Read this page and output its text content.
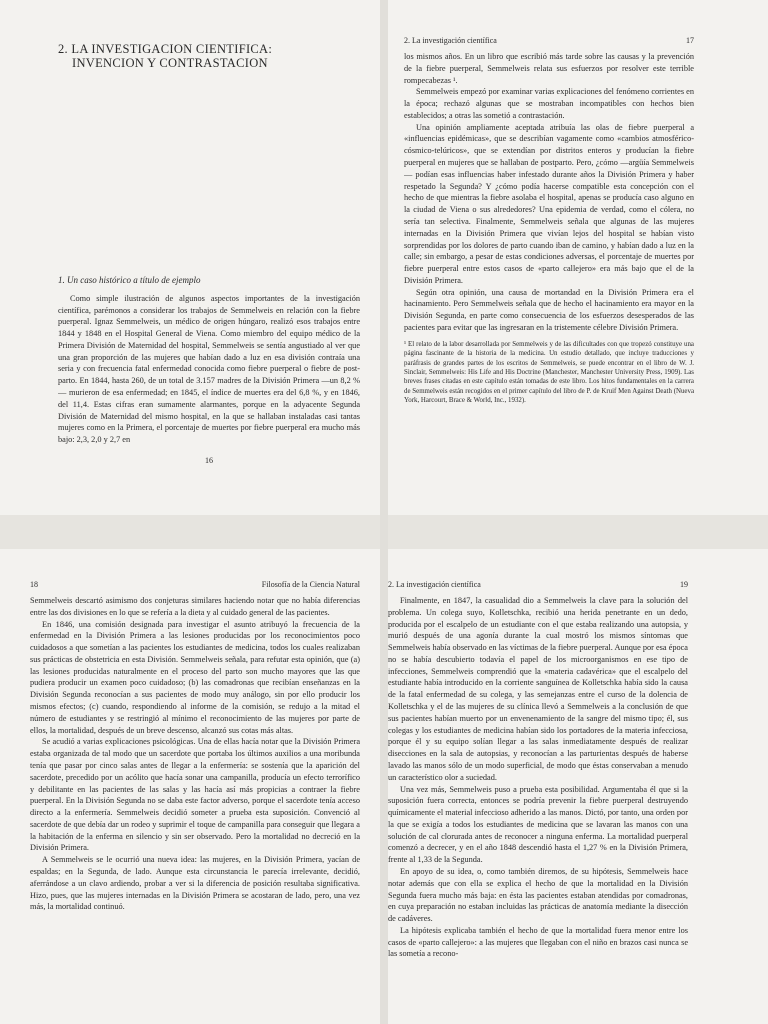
2. LA INVESTIGACION CIENTIFICA:
INVENCION Y CONTRASTACION
1. Un caso histórico a título de ejemplo

Como simple ilustración de algunos aspectos importantes de la investigación científica, parémonos a considerar los trabajos de Semmelweis en relación con la fiebre puerperal. Ignaz Semmelweis, un médico de origen húngaro, realizó esos trabajos entre 1844 y 1848 en el Hospital General de Viena. Como miembro del equipo médico de la Primera División de Maternidad del hospital, Semmelweis se sentía angustiado al ver que una gran proporción de las mujeres que habían dado a luz en esa división contraía una seria y con frecuencia fatal enfermedad conocida como fiebre puerperal o fiebre de post-parto. En 1844, hasta 260, de un total de 3.157 madres de la División Primera —un 8,2 %— murieron de esa enfermedad; en 1845, el índice de muertes era del 6,8 %, y en 1846, del 11,4. Estas cifras eran sumamente alarmantes, porque en la adyacente Segunda División de Maternidad del mismo hospital, en la que se hallaban instaladas casi tantas mujeres como en la Primera, el porcentaje de muertes por fiebre puerperal era mucho más bajo: 2,3, 2,0 y 2,7 en

16
2. La investigación científica	17

los mismos años. En un libro que escribió más tarde sobre las causas y la prevención de la fiebre puerperal, Semmelweis relata sus esfuerzos por resolver este terrible rompecabezas ¹.

Semmelweis empezó por examinar varias explicaciones del fenómeno corrientes en la época; rechazó algunas que se mostraban incompatibles con hechos bien establecidos; a otras las sometió a contrastación.

Una opinión ampliamente aceptada atribuía las olas de fiebre puerperal a «influencias epidémicas», que se describían vagamente como «cambios atmosférico-cósmico-telúricos», que se extendían por distritos enteros y producían la fiebre puerperal en mujeres que se hallaban de postparto. Pero, ¿cómo —argüía Semmelweis— podían esas influencias haber infestado durante años la División Primera y haber respetado la Segunda? Y ¿cómo podía hacerse compatible esta concepción con el hecho de que mientras la fiebre asolaba el hospital, apenas se producía caso alguno en la ciudad de Viena o sus alrededores? Una epidemia de verdad, como el cólera, no sería tan selectiva. Finalmente, Semmelweis señala que algunas de las mujeres internadas en la División Primera que vivían lejos del hospital se habían visto sorprendidas por los dolores de parto cuando iban de camino, y habían dado a luz en la calle; sin embargo, a pesar de estas condiciones adversas, el porcentaje de muertes por fiebre puerperal entre estos casos de «parto callejero» era más bajo que el de la División Primera.

Según otra opinión, una causa de mortandad en la División Primera era el hacinamiento. Pero Semmelweis señala que de hecho el hacinamiento era mayor en la División Segunda, en parte como consecuencia de los esfuerzos desesperados de las pacientes para evitar que las ingresaran en la tristemente célebre División Primera.

¹ El relato de la labor desarrollada por Semmelweis y de las dificultades con que tropezó constituye una página fascinante de la historia de la medicina. Un estudio detallado, que incluye traducciones y paráfrasis de grandes partes de los escritos de Semmelweis, se puede encontrar en el libro de W. J. Sinclair, Semmelweis: His Life and His Doctrine (Manchester, Manchester University Press, 1909). Las breves frases citadas en este capítulo están tomadas de este libro. Los hitos fundamentales en la carrera de Semmelweis están recogidos en el primer capítulo del libro de P. de Kruif Men Against Death (Nueva York, Harcourt, Brace & World, Inc., 1932).
18	Filosofía de la Ciencia Natural

Semmelweis descartó asimismo dos conjeturas similares haciendo notar que no había diferencias entre las dos divisiones en lo que se refería a la dieta y al cuidado general de las pacientes.

En 1846, una comisión designada para investigar el asunto atribuyó la frecuencia de la enfermedad en la División Primera a las lesiones producidas por los reconocimientos poco cuidadosos a que sometían a las pacientes los estudiantes de medicina, todos los cuales realizaban sus prácticas de obstetricia en esta División. Semmelweis señala, para refutar esta opinión, que (a) las lesiones producidas naturalmente en el proceso del parto son mucho mayores que las que pudiera producir un examen poco cuidadoso; (b) las comadronas que recibían enseñanzas en la División Segunda reconocían a sus pacientes de modo muy análogo, sin por ello producir los mismos efectos; (c) cuando, respondiendo al informe de la comisión, se redujo a la mitad el número de estudiantes y se restringió al mínimo el reconocimiento de las mujeres por parte de ellos, la mortalidad, después de un breve descenso, alcanzó sus cotas más altas.

Se acudió a varias explicaciones psicológicas. Una de ellas hacía notar que la División Primera estaba organizada de tal modo que un sacerdote que portaba los últimos auxilios a una moribunda tenía que pasar por cinco salas antes de llegar a la enfermería: se sostenía que la aparición del sacerdote, precedido por un acólito que hacía sonar una campanilla, producía un efecto terrorífico y debilitante en las pacientes de las salas y las hacía así más propicias a contraer la fiebre puerperal. En la División Segunda no se daba este factor adverso, porque el sacerdote tenía acceso directo a la enfermería. Semmelweis decidió someter a prueba esta suposición. Convenció al sacerdote de que debía dar un rodeo y suprimir el toque de campanilla para conseguir que llegara a la habitación de la enferma en silencio y sin ser observado. Pero la mortalidad no decreció en la División Primera.

A Semmelweis se le ocurrió una nueva idea: las mujeres, en la División Primera, yacían de espaldas; en la Segunda, de lado. Aunque esta circunstancia le parecía irrelevante, decidió, aferrándose a un clavo ardiendo, probar a ver si la diferencia de posición resultaba significativa. Hizo, pues, que las mujeres internadas en la División Primera se acostaran de lado, pero, una vez más, la mortalidad continuó.

2. La investigación científica	19

Finalmente, en 1847, la casualidad dio a Semmelweis la clave para la solución del problema. Un colega suyo, Kolletschka, recibió una herida penetrante en un dedo, producida por el escalpelo de un estudiante con el que estaba realizando una autopsia, y murió después de una agonía durante la cual mostró los mismos síntomas que Semmelweis había observado en las víctimas de la fiebre puerperal. Aunque por esa época no se había descubierto todavía el papel de los microorganismos en ese tipo de infecciones, Semmelweis comprendió que la «materia cadavérica» que el escalpelo del estudiante había introducido en la corriente sanguínea de Kolletschka había sido la causa de la fatal enfermedad de su colega, y las semejanzas entre el curso de la dolencia de Kolletschka y el de las mujeres de su clínica llevó a Semmelweis a la conclusión de que sus pacientes habían muerto por un envenenamiento de la sangre del mismo tipo; él, sus colegas y los estudiantes de medicina habían sido los portadores de la materia infecciosa, porque él y su equipo solían llegar a las salas inmediatamente después de realizar disecciones en la sala de autopsias, y reconocían a las parturientas después de haberse lavado las manos sólo de un modo superficial, de modo que éstas conservaban a menudo un característico olor a suciedad.

Una vez más, Semmelweis puso a prueba esta posibilidad. Argumentaba él que si la suposición fuera correcta, entonces se podría prevenir la fiebre puerperal destruyendo químicamente el material infeccioso adherido a las manos. Dictó, por tanto, una orden por la que se exigía a todos los estudiantes de medicina que se lavaran las manos con una solución de cal clorurada antes de reconocer a ninguna enferma. La mortalidad puerperal comenzó a decrecer, y en el año 1848 descendió hasta el 1,27 % en la División Primera, frente al 1,33 de la Segunda.

En apoyo de su idea, o, como también diremos, de su hipótesis, Semmelweis hace notar además que con ella se explica el hecho de que la mortalidad en la División Segunda fuera mucho más baja: en ésta las pacientes estaban atendidas por comadronas, en cuya preparación no estaban incluidas las prácticas de anatomía mediante la disección de cadáveres.

La hipótesis explicaba también el hecho de que la mortalidad fuera menor entre los casos de «parto callejero»: a las mujeres que llegaban con el niño en brazos casi nunca se las sometía a recono-
